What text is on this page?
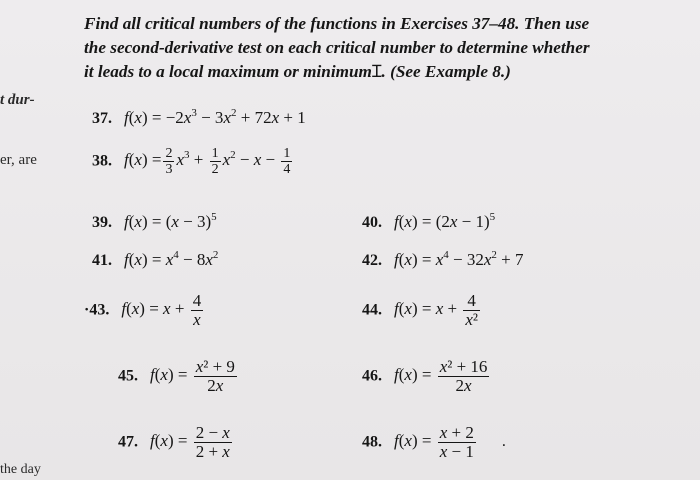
t dur-
er, are
the day
Find all critical numbers of the functions in Exercises 37–48. Then use
the second-derivative test on each critical number to determine whether
it leads to a local maximum or minimumꞮ. (See Example 8.)
37. $f(x) = -2x^3 - 3x^2 + 72x + 1$
38. $f(x) = \frac{2}{3} x^3 + \frac{1}{2} x^2 - x - \frac{1}{4}$
39. $f(x) = (x - 3)^5$	40. $f(x) = (2x - 1)^5$
41. $f(x) = x^4 - 8x^2$	42. $f(x) = x^4 - 32x^2 + 7$
·43. $f(x) = x + \frac{4}{x}$	44. $f(x) = x + \frac{4}{\text{x²}}$
45. $f(x) = \frac{\text{x² + 9}}{2x}$	46. $f(x) = \frac{\text{x² + 16}}{2x}$
47. $f(x) = \frac{2 - x}{2 + x}$	48. $f(x) = \frac{x + 2}{x - 1}$ .
